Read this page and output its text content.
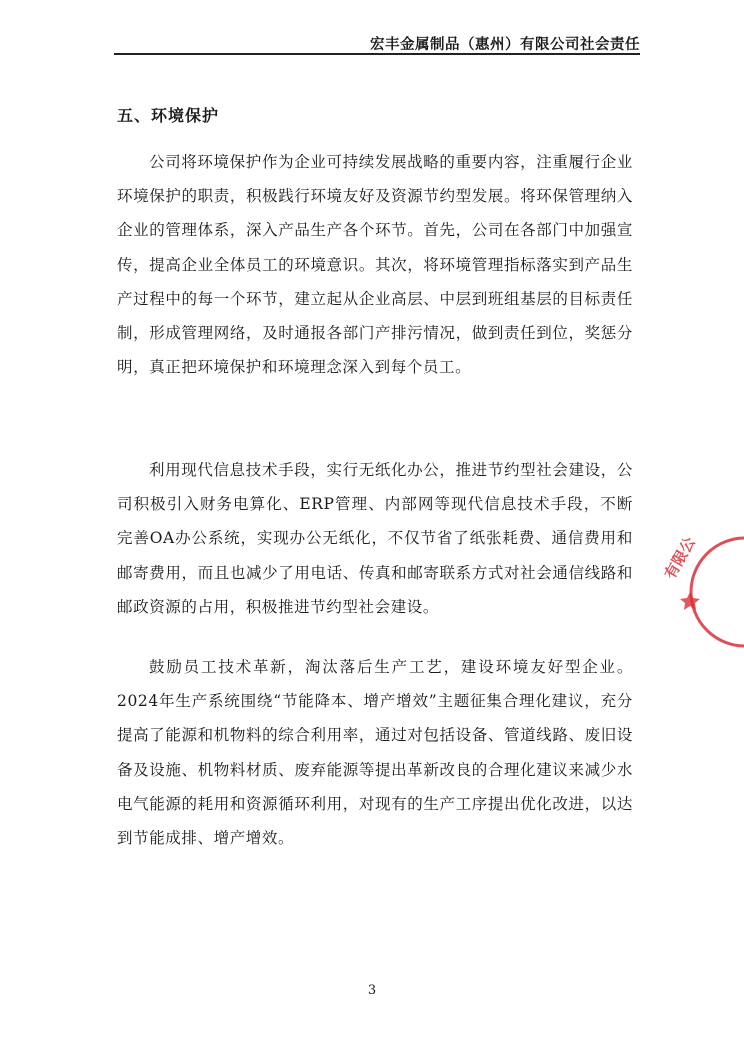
宏丰金属制品（惠州）有限公司社会责任
五、环境保护

公司将环境保护作为企业可持续发展战略的重要内容，注重履行企业环境保护的职责，积极践行环境友好及资源节约型发展。将环保管理纳入企业的管理体系，深入产品生产各个环节。首先，公司在各部门中加强宣传，提高企业全体员工的环境意识。其次，将环境管理指标落实到产品生产过程中的每一个环节，建立起从企业高层、中层到班组基层的目标责任制，形成管理网络，及时通报各部门产排污情况，做到责任到位，奖惩分明，真正把环境保护和环境理念深入到每个员工。

利用现代信息技术手段，实行无纸化办公，推进节约型社会建设，公司积极引入财务电算化、ERP管理、内部网等现代信息技术手段，不断完善OA办公系统，实现办公无纸化，不仅节省了纸张耗费、通信费用和邮寄费用，而且也减少了用电话、传真和邮寄联系方式对社会通信线路和邮政资源的占用，积极推进节约型社会建设。

鼓励员工技术革新，淘汰落后生产工艺，建设环境友好型企业。2024年生产系统围绕“节能降本、增产增效”主题征集合理化建议，充分提高了能源和机物料的综合利用率，通过对包括设备、管道线路、废旧设备及设施、机物料材质、废弃能源等提出革新改良的合理化建议来减少水电气能源的耗用和资源循环利用，对现有的生产工序提出优化改进，以达到节能成排、增产增效。

有限公
3
